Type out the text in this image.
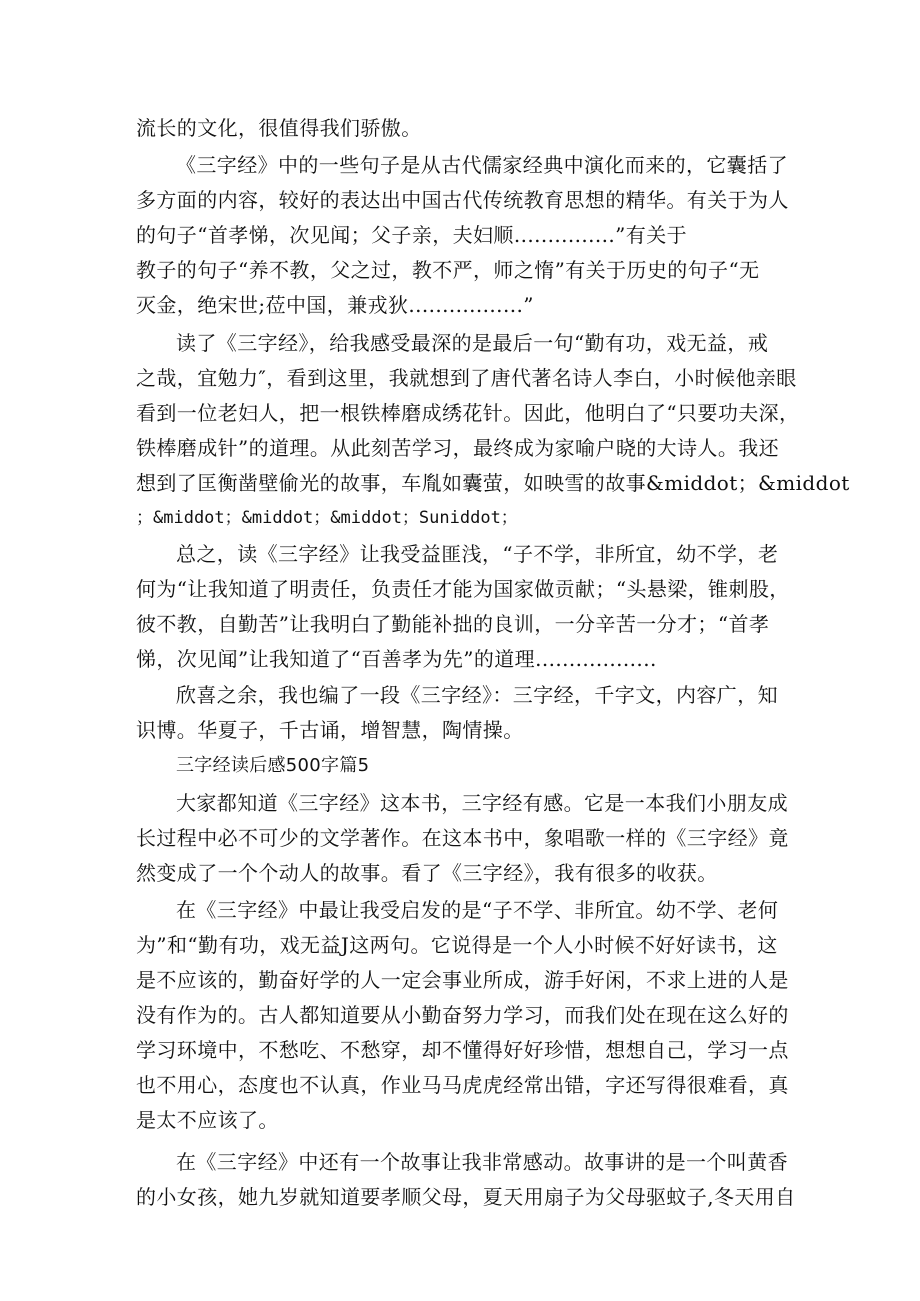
流长的文化，很值得我们骄傲。
《三字经》中的一些句子是从古代儒家经典中演化而来的，它囊括了
多方面的内容，较好的表达出中国古代传统教育思想的精华。有关于为人
的句子“首孝悌，次见闻；父子亲，夫妇顺...............”有关于
教子的句子“养不教，父之过，教不严，师之惰”有关于历史的句子“无
灭金，绝宋世;莅中国，兼戎狄.................”
读了《三字经》，给我感受最深的是最后一句“勤有功，戏无益，戒
之哉，宜勉力″，看到这里，我就想到了唐代著名诗人李白，小时候他亲眼
看到一位老妇人，把一根铁棒磨成绣花针。因此，他明白了“只要功夫深，
铁棒磨成针”的道理。从此刻苦学习，最终成为家喻户晓的大诗人。我还
想到了匡衡凿壁偷光的故事，车胤如囊萤，如映雪的故事&middot；&middot
；&middot；&middot；&middot；Suniddot；
总之，读《三字经》让我受益匪浅，“子不学，非所宜，幼不学，老
何为“让我知道了明责任，负责任才能为国家做贡献；“头悬梁，锥刺股，
彼不教，自勤苦”让我明白了勤能补拙的良训，一分辛苦一分才；“首孝
悌，次见闻”让我知道了“百善孝为先”的道理..................
欣喜之余，我也编了一段《三字经》：三字经，千字文，内容广，知
识博。华夏子，千古诵，增智慧，陶情操。
三字经读后感500字篇5
大家都知道《三字经》这本书，三字经有感。它是一本我们小朋友成
长过程中必不可少的文学著作。在这本书中，象唱歌一样的《三字经》竟
然变成了一个个动人的故事。看了《三字经》，我有很多的收获。
在《三字经》中最让我受启发的是“子不学、非所宜。幼不学、老何
为”和“勤有功，戏无益J这两句。它说得是一个人小时候不好好读书，这
是不应该的，勤奋好学的人一定会事业所成，游手好闲，不求上进的人是
没有作为的。古人都知道要从小勤奋努力学习，而我们处在现在这么好的
学习环境中，不愁吃、不愁穿，却不懂得好好珍惜，想想自己，学习一点
也不用心，态度也不认真，作业马马虎虎经常出错，字还写得很难看，真
是太不应该了。
在《三字经》中还有一个故事让我非常感动。故事讲的是一个叫黄香
的小女孩，她九岁就知道要孝顺父母，夏天用扇子为父母驱蚊子,冬天用自
